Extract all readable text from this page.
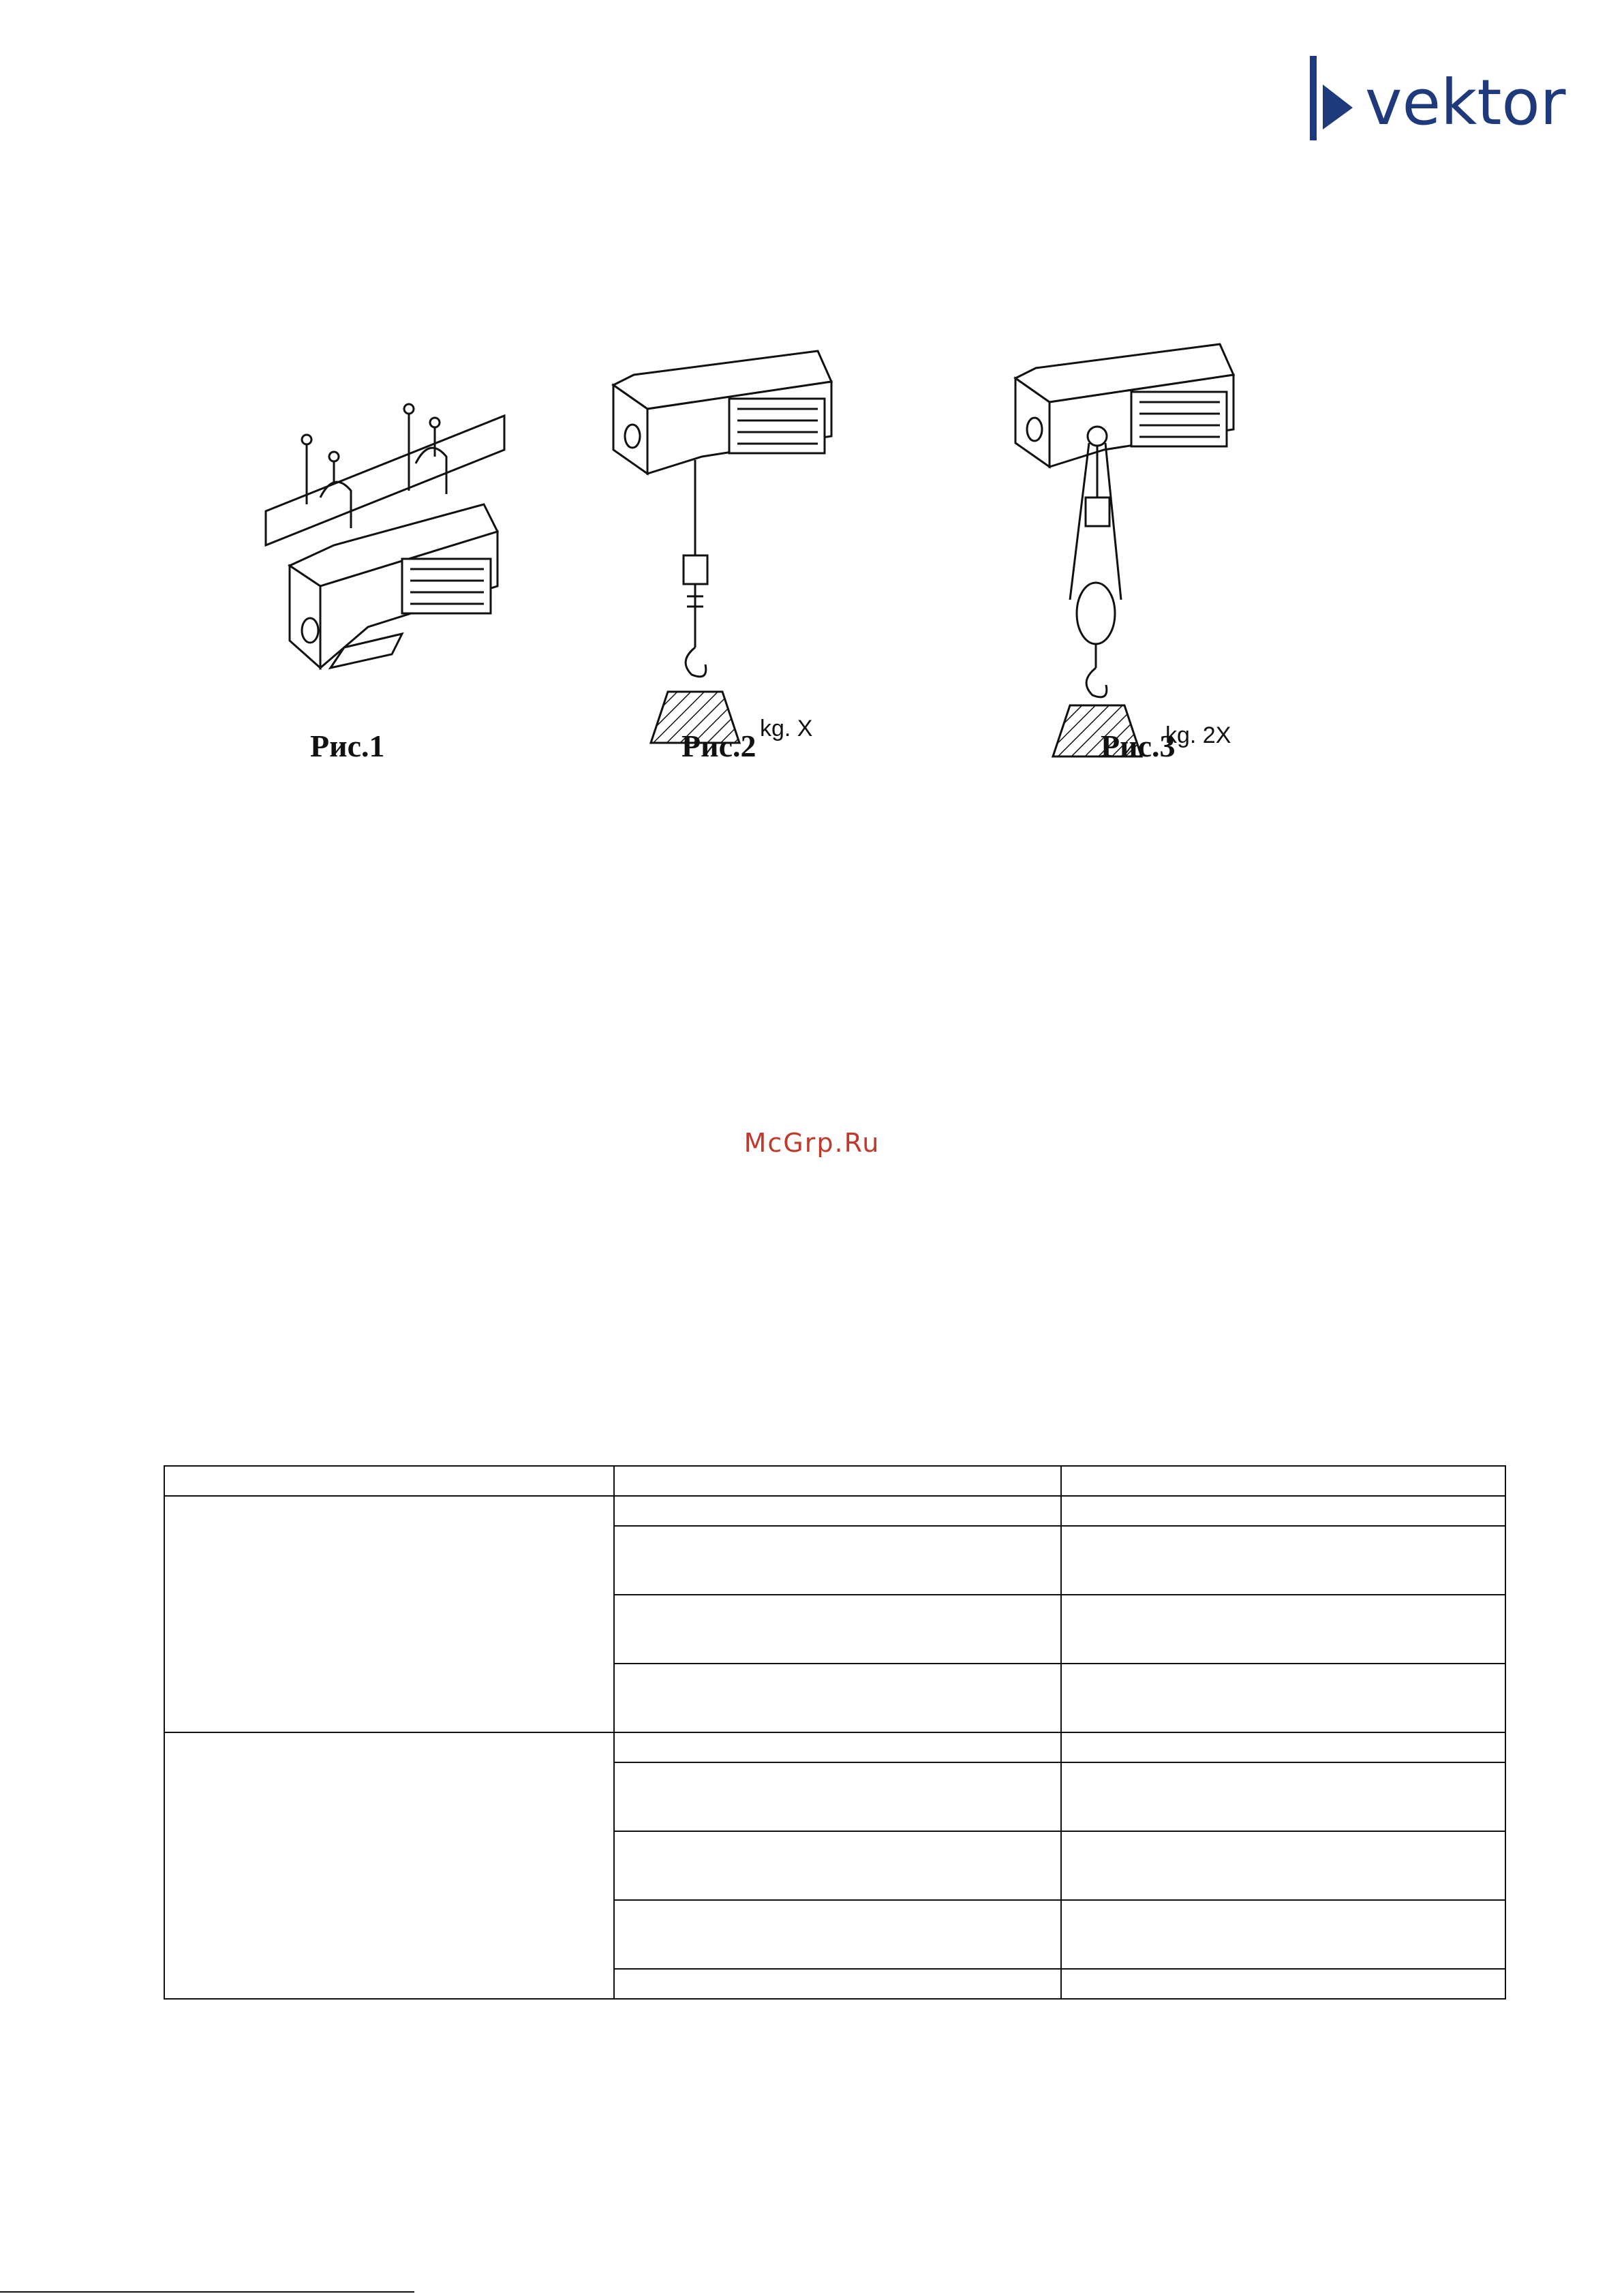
vektor
Рис.1	kg. X
Рис.2	kg. 2X
Рис.3
McGrp.Ru
